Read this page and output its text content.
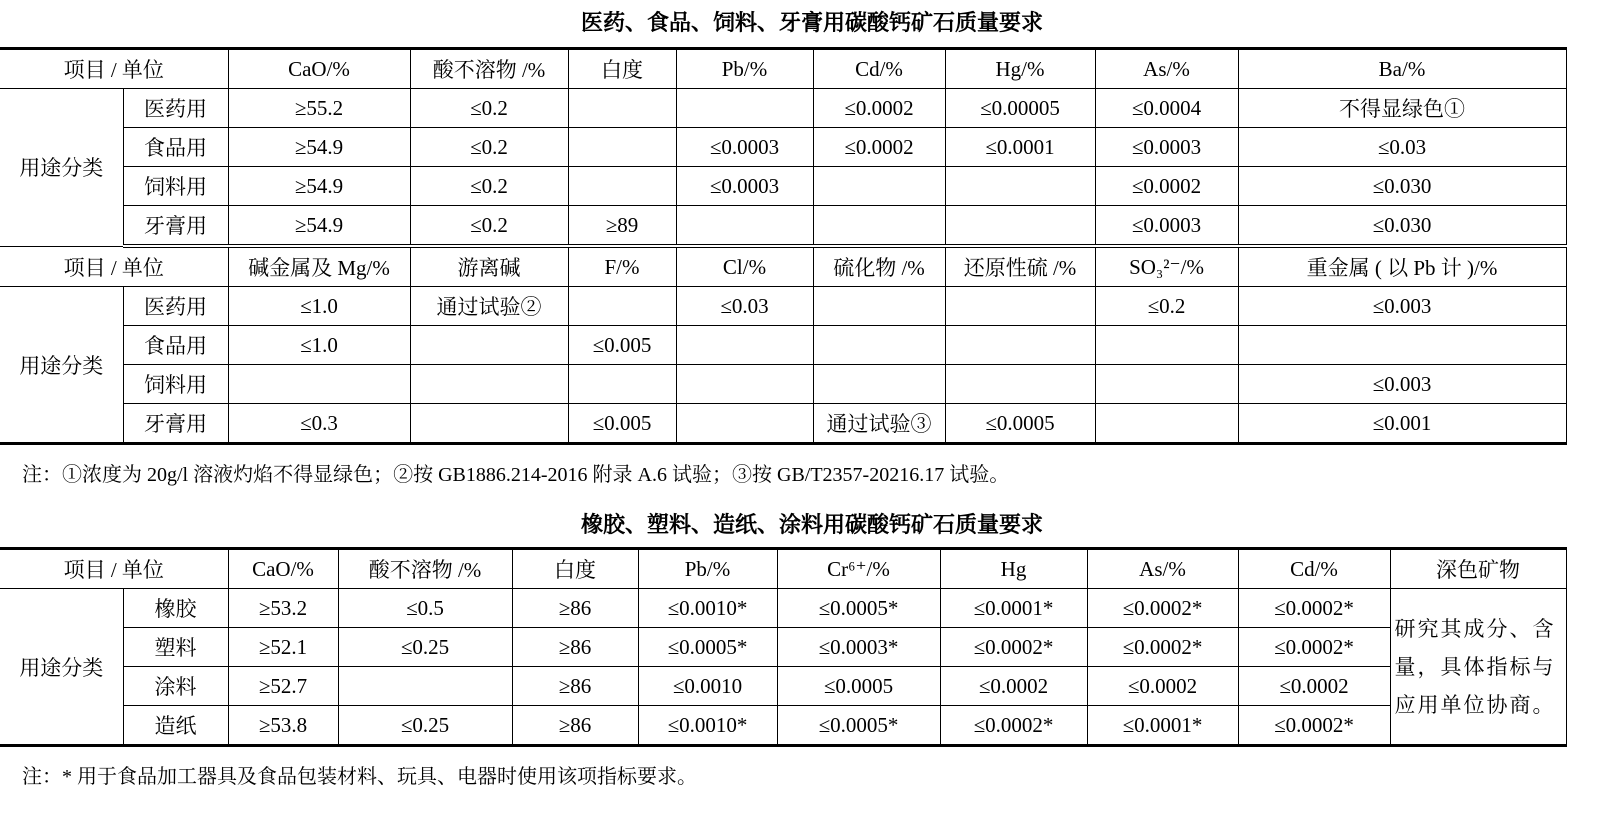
医药、食品、饲料、牙膏用碳酸钙矿石质量要求
项目 / 单位		CaO/%	酸不溶物 /%	白度	Pb/%	Cd/%	Hg/%	As/%	Ba/%	
用途分类	医药用	≥55.2	≤0.2			≤0.0002	≤0.00005	≤0.0004	不得显绿色①	
	食品用	≥54.9	≤0.2		≤0.0003	≤0.0002	≤0.0001	≤0.0003	≤0.03	
	饲料用	≥54.9	≤0.2		≤0.0003			≤0.0002	≤0.030	
	牙膏用	≥54.9	≤0.2	≥89				≤0.0003	≤0.030	
项目 / 单位		碱金属及 Mg/%	游离碱	F/%	Cl/%	硫化物 /%	还原性硫 /%	SO₃²⁻/%	重金属 ( 以 Pb 计 )/%	
用途分类	医药用	≤1.0	通过试验②		≤0.03			≤0.2	≤0.003	
	食品用	≤1.0		≤0.005						
	饲料用								≤0.003	
	牙膏用	≤0.3		≤0.005		通过试验③	≤0.0005		≤0.001	
注：①浓度为 20g/l 溶液灼焰不得显绿色；②按 GB1886.214-2016 附录 A.6 试验；③按 GB/T2357-20216.17 试验。
橡胶、塑料、造纸、涂料用碳酸钙矿石质量要求
项目 / 单位		CaO/%	酸不溶物 /%	白度	Pb/%	Cr⁶⁺/%	Hg	As/%	Cd/%	深色矿物
用途分类	橡胶	≥53.2	≤0.5	≥86	≤0.0010*	≤0.0005*	≤0.0001*	≤0.0002*	≤0.0002*	研究其成分、含量，具体指标与应用单位协商。
	塑料	≥52.1	≤0.25	≥86	≤0.0005*	≤0.0003*	≤0.0002*	≤0.0002*	≤0.0002*	
	涂料	≥52.7		≥86	≤0.0010	≤0.0005	≤0.0002	≤0.0002	≤0.0002	
	造纸	≥53.8	≤0.25	≥86	≤0.0010*	≤0.0005*	≤0.0002*	≤0.0001*	≤0.0002*	
注：* 用于食品加工器具及食品包装材料、玩具、电器时使用该项指标要求。
